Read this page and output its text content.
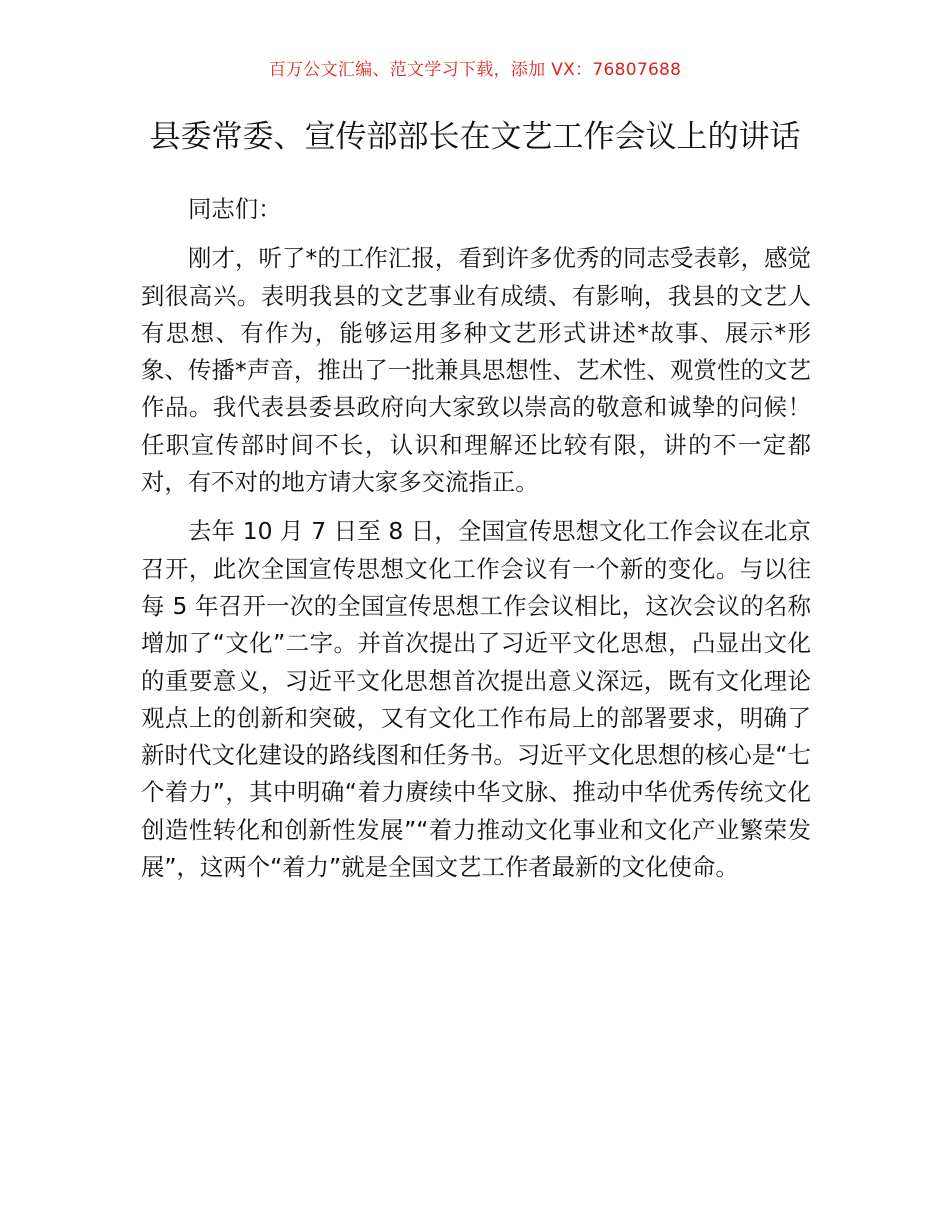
百万公文汇编、范文学习下载，添加 VX：76807688
县委常委、宣传部部长在文艺工作会议上的讲话

同志们：

刚才，听了*的工作汇报，看到许多优秀的同志受表彰，感觉到很高兴。表明我县的文艺事业有成绩、有影响，我县的文艺人有思想、有作为，能够运用多种文艺形式讲述*故事、展示*形象、传播*声音，推出了一批兼具思想性、艺术性、观赏性的文艺作品。我代表县委县政府向大家致以崇高的敬意和诚挚的问候！任职宣传部时间不长，认识和理解还比较有限，讲的不一定都对，有不对的地方请大家多交流指正。

去年 10 月 7 日至 8 日，全国宣传思想文化工作会议在北京召开，此次全国宣传思想文化工作会议有一个新的变化。与以往每 5 年召开一次的全国宣传思想工作会议相比，这次会议的名称增加了“文化”二字。并首次提出了习近平文化思想，凸显出文化的重要意义，习近平文化思想首次提出意义深远，既有文化理论观点上的创新和突破，又有文化工作布局上的部署要求，明确了新时代文化建设的路线图和任务书。习近平文化思想的核心是“七个着力”，其中明确“着力赓续中华文脉、推动中华优秀传统文化创造性转化和创新性发展”“着力推动文化事业和文化产业繁荣发展”，这两个“着力”就是全国文艺工作者最新的文化使命。
